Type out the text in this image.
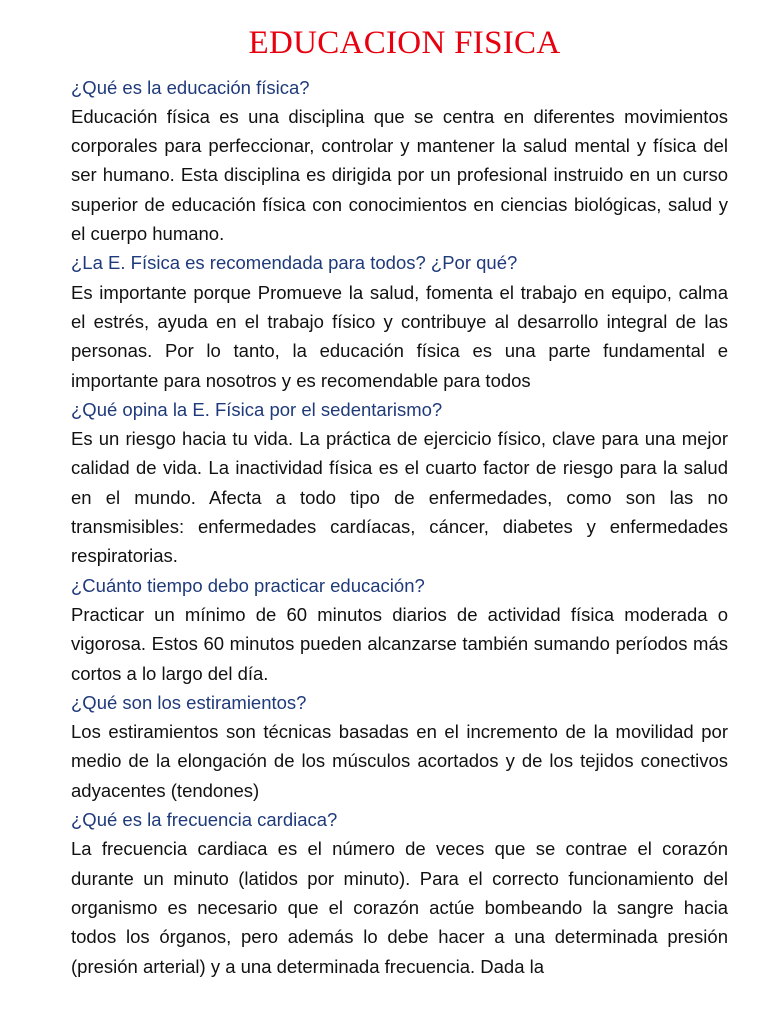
EDUCACION FISICA

¿Qué es la educación física?

Educación física es una disciplina que se centra en diferentes movimientos corporales para perfeccionar, controlar y mantener la salud mental y física del ser humano. Esta disciplina es dirigida por un profesional instruido en un curso superior de educación física con conocimientos en ciencias biológicas, salud y el cuerpo humano.

¿La E. Física es recomendada para todos? ¿Por qué?

Es importante porque Promueve la salud, fomenta el trabajo en equipo, calma el estrés, ayuda en el trabajo físico y contribuye al desarrollo integral de las personas. Por lo tanto, la educación física es una parte fundamental e importante para nosotros y es recomendable para todos

¿Qué opina la E. Física por el sedentarismo?

Es un riesgo hacia tu vida. La práctica de ejercicio físico, clave para una mejor calidad de vida. La inactividad física es el cuarto factor de riesgo para la salud en el mundo. Afecta a todo tipo de enfermedades, como son las no transmisibles: enfermedades cardíacas, cáncer, diabetes y enfermedades respiratorias.

¿Cuánto tiempo debo practicar educación?

Practicar un mínimo de 60 minutos diarios de actividad física moderada o vigorosa. Estos 60 minutos pueden alcanzarse también sumando períodos más cortos a lo largo del día.

¿Qué son los estiramientos?

Los estiramientos son técnicas basadas en el incremento de la movilidad por medio de la elongación de los músculos acortados y de los tejidos conectivos adyacentes (tendones)

¿Qué es la frecuencia cardiaca?

La frecuencia cardiaca es el número de veces que se contrae el corazón durante un minuto (latidos por minuto). Para el correcto funcionamiento del organismo es necesario que el corazón actúe bombeando la sangre hacia todos los órganos, pero además lo debe hacer a una determinada presión (presión arterial) y a una determinada frecuencia. Dada la
